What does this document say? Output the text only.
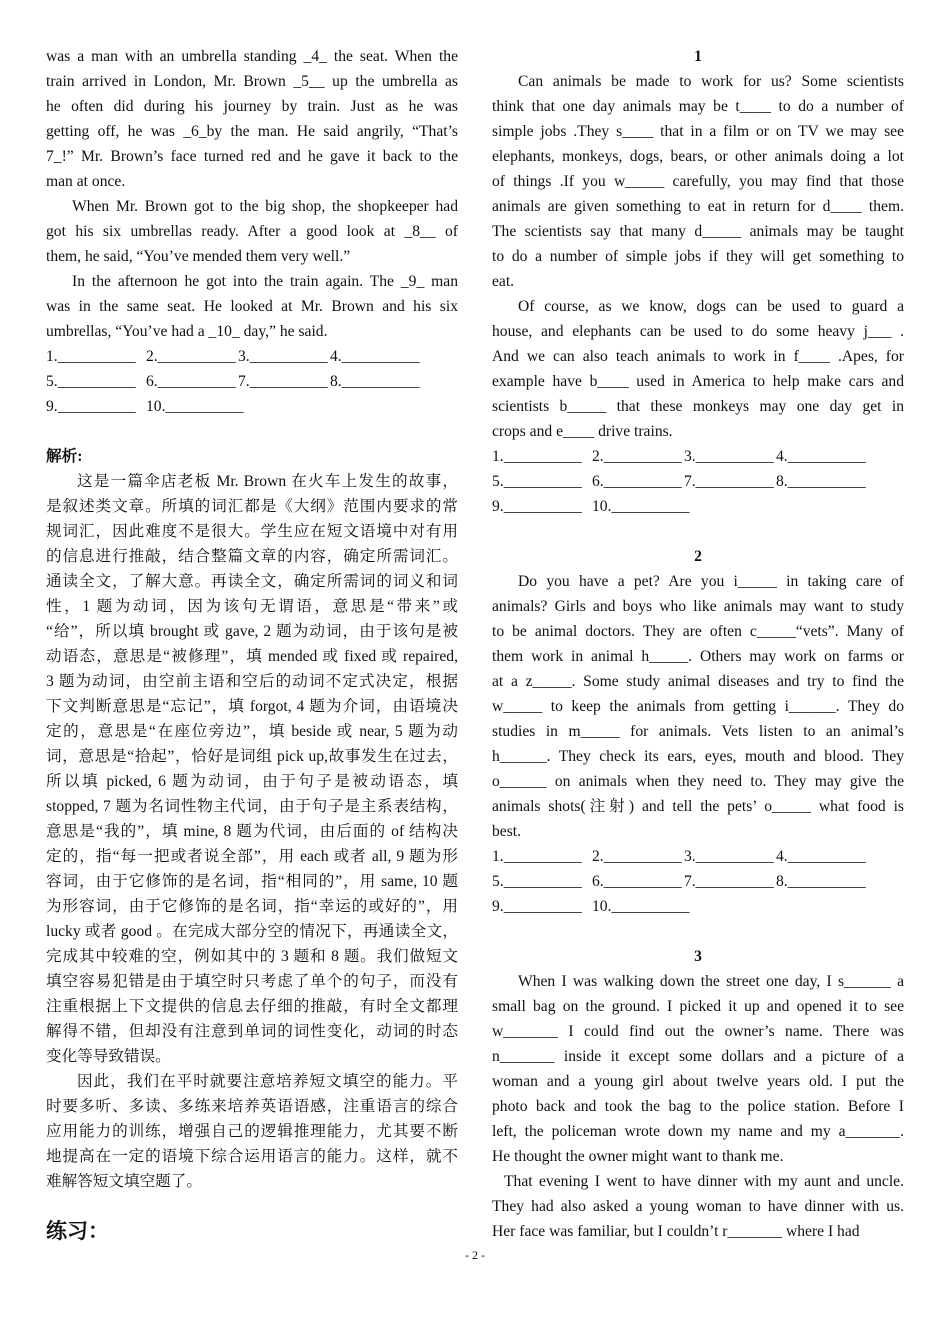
was a man with an umbrella standing _4_ the seat. When the
train arrived in London, Mr. Brown _5__ up the umbrella as
he often did during his journey by train. Just as he was
getting off, he was _6_by the man. He said angrily, “That’s
7_!” Mr. Brown’s face turned red and he gave it back to the
man at once.
When Mr. Brown got to the big shop, the shopkeeper had
got his six umbrellas ready. After a good look at _8__ of
them, he said, “You’ve mended them very well.”
In the afternoon he got into the train again. The _9_ man
was in the same seat. He looked at Mr. Brown and his six
umbrellas, “You’ve had a _10_ day,” he said.
1.__________ 2.__________ 3.__________ 4.__________
5.__________ 6.__________ 7.__________ 8.__________
9.__________ 10.__________
解析:
这是一篇伞店老板 Mr. Brown 在火车上发生的故事，
是叙述类文章。所填的词汇都是《大纲》范围内要求的常
规词汇，因此难度不是很大。学生应在短文语境中对有用
的信息进行推敲，结合整篇文章的内容，确定所需词汇。
通读全文，了解大意。再读全文，确定所需词的词义和词
性，1 题为动词，因为该句无谓语，意思是“带来”或
“给”，所以填 brought 或 gave, 2 题为动词，由于该句是被
动语态，意思是“被修理”，填 mended 或 fixed 或 repaired,
3 题为动词，由空前主语和空后的动词不定式决定，根据
下文判断意思是“忘记”，填 forgot, 4 题为介词，由语境决
定的，意思是“在座位旁边”，填 beside 或 near, 5 题为动
词，意思是“拾起”，恰好是词组 pick up,故事发生在过去，
所以填 picked, 6 题为动词，由于句子是被动语态，填
stopped, 7 题为名词性物主代词，由于句子是主系表结构，
意思是“我的”，填 mine, 8 题为代词，由后面的 of 结构决
定的，指“每一把或者说全部”，用 each 或者 all, 9 题为形
容词，由于它修饰的是名词，指“相同的”，用 same, 10 题
为形容词，由于它修饰的是名词，指“幸运的或好的”，用
lucky 或者 good 。在完成大部分空的情况下，再通读全文，
完成其中较难的空，例如其中的 3 题和 8 题。我们做短文
填空容易犯错是由于填空时只考虑了单个的句子，而没有
注重根据上下文提供的信息去仔细的推敲，有时全文都理
解得不错，但却没有注意到单词的词性变化，动词的时态
变化等导致错误。
因此，我们在平时就要注意培养短文填空的能力。平
时要多听、多读、多练来培养英语语感，注重语言的综合
应用能力的训练，增强自己的逻辑推理能力，尤其要不断
地提高在一定的语境下综合运用语言的能力。这样，就不
难解答短文填空题了。
练习：
1
Can animals be made to work for us? Some scientists
think that one day animals may be t____ to do a number of
simple jobs .They s____ that in a film or on TV we may see
elephants, monkeys, dogs, bears, or other animals doing a lot
of things .If you w_____ carefully, you may find that those
animals are given something to eat in return for d____ them.
The scientists say that many d_____ animals may be taught
to do a number of simple jobs if they will get something to
eat.
Of course, as we know, dogs can be used to guard a
house, and elephants can be used to do some heavy j___ .
And we can also teach animals to work in f____ .Apes, for
example have b____ used in America to help make cars and
scientists b_____ that these monkeys may one day get in
crops and e____ drive trains.
1.__________ 2.__________ 3.__________ 4.__________
5.__________ 6.__________ 7.__________ 8.__________
9.__________ 10.__________
2
Do you have a pet? Are you i_____ in taking care of
animals? Girls and boys who like animals may want to study
to be animal doctors. They are often c_____“vets”. Many of
them work in animal h_____. Others may work on farms or
at a z_____. Some study animal diseases and try to find the
w_____ to keep the animals from getting i______. They do
studies in m_____ for animals. Vets listen to an animal’s
h______. They check its ears, eyes, mouth and blood. They
o______ on animals when they need to. They may give the
animals shots(注射) and tell the pets’ o_____ what food is
best.
1.__________ 2.__________ 3.__________ 4.__________
5.__________ 6.__________ 7.__________ 8.__________
9.__________ 10.__________
3
When I was walking down the street one day, I s______ a
small bag on the ground. I picked it up and opened it to see
w_______ I could find out the owner’s name. There was
n_______ inside it except some dollars and a picture of a
woman and a young girl about twelve years old. I put the
photo back and took the bag to the police station. Before I
left, the policeman wrote down my name and my a_______.
He thought the owner might want to thank me.
That evening I went to have dinner with my aunt and uncle.
They had also asked a young woman to have dinner with us.
Her face was familiar, but I couldn’t r_______ where I had
- 2 -
